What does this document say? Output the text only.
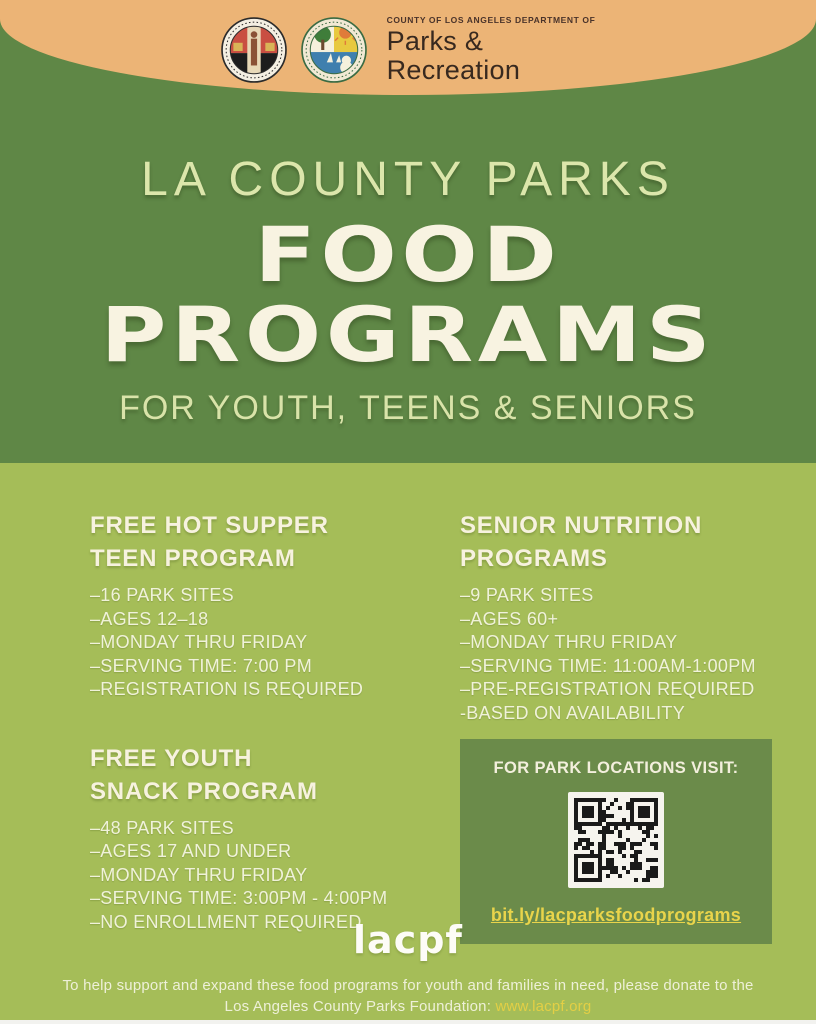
COUNTY OF LOS ANGELES DEPARTMENT OF
Parks &
Recreation
LA COUNTY PARKS
FOOD
PROGRAMS
FOR YOUTH, TEENS & SENIORS
FREE HOT SUPPER
TEEN PROGRAM
–16 PARK SITES
–AGES 12–18
–MONDAY THRU FRIDAY
–SERVING TIME: 7:00 PM
–REGISTRATION IS REQUIRED
FREE YOUTH
SNACK PROGRAM
–48 PARK SITES
–AGES 17 AND UNDER
–MONDAY THRU FRIDAY
–SERVING TIME: 3:00PM - 4:00PM
–NO ENROLLMENT REQUIRED
SENIOR NUTRITION
PROGRAMS
–9 PARK SITES
–AGES 60+
–MONDAY THRU FRIDAY
–SERVING TIME: 11:00AM-1:00PM
–PRE-REGISTRATION REQUIRED
-BASED ON AVAILABILITY
FOR PARK LOCATIONS VISIT:
bit.ly/lacparksfoodprograms
lacpf
To help support and expand these food programs for youth and families in need, please donate to the
Los Angeles County Parks Foundation: www.lacpf.org
